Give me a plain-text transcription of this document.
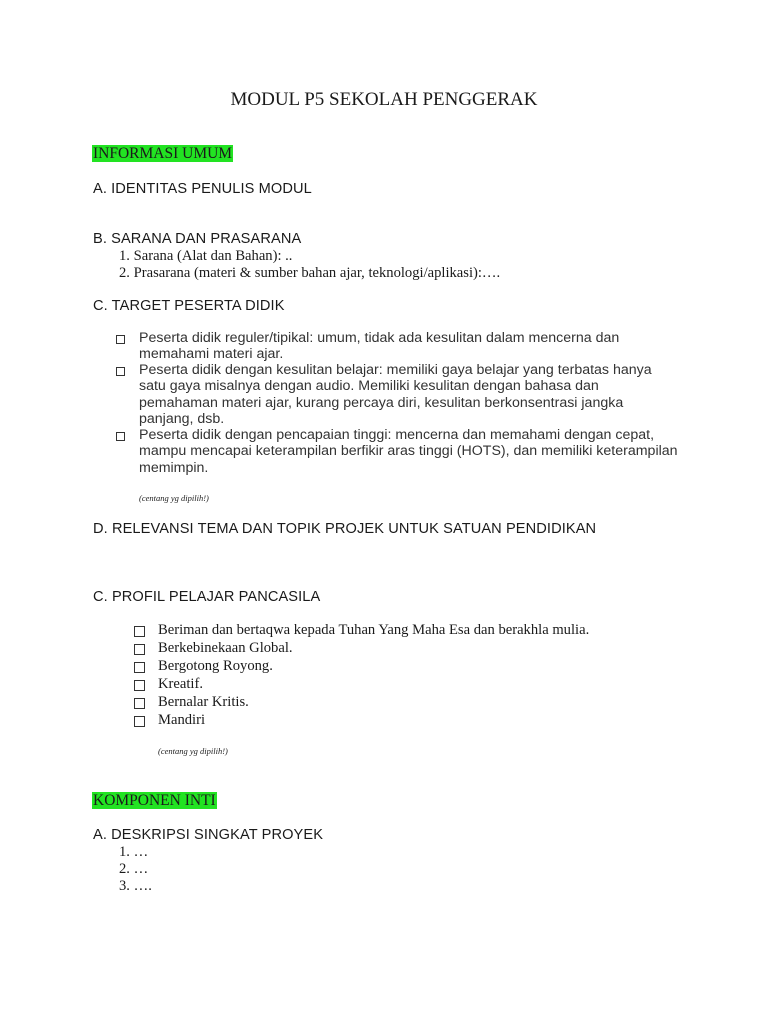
MODUL P5 SEKOLAH PENGGERAK
INFORMASI UMUM
A. IDENTITAS PENULIS MODUL
B. SARANA DAN PRASARANA
1. Sarana (Alat dan Bahan): ..
2. Prasarana (materi & sumber bahan ajar, teknologi/aplikasi):….
C. TARGET PESERTA DIDIK
Peserta didik reguler/tipikal: umum, tidak ada kesulitan dalam mencerna dan memahami materi ajar.
Peserta didik dengan kesulitan belajar: memiliki gaya belajar yang terbatas hanya satu gaya misalnya dengan audio. Memiliki kesulitan dengan bahasa dan pemahaman materi ajar, kurang percaya diri, kesulitan berkonsentrasi jangka panjang, dsb.
Peserta didik dengan pencapaian tinggi: mencerna dan memahami dengan cepat, mampu mencapai keterampilan berfikir aras tinggi (HOTS), dan memiliki keterampilan memimpin.
(centang yg dipilih!)
D. RELEVANSI TEMA DAN TOPIK PROJEK UNTUK SATUAN PENDIDIKAN
C. PROFIL PELAJAR PANCASILA
Beriman dan bertaqwa kepada Tuhan Yang Maha Esa dan berakhla mulia.
Berkebinekaan Global.
Bergotong Royong.
Kreatif.
Bernalar Kritis.
Mandiri
(centang yg dipilih!)
KOMPONEN INTI
A. DESKRIPSI SINGKAT PROYEK
1. …
2. …
3. ….
